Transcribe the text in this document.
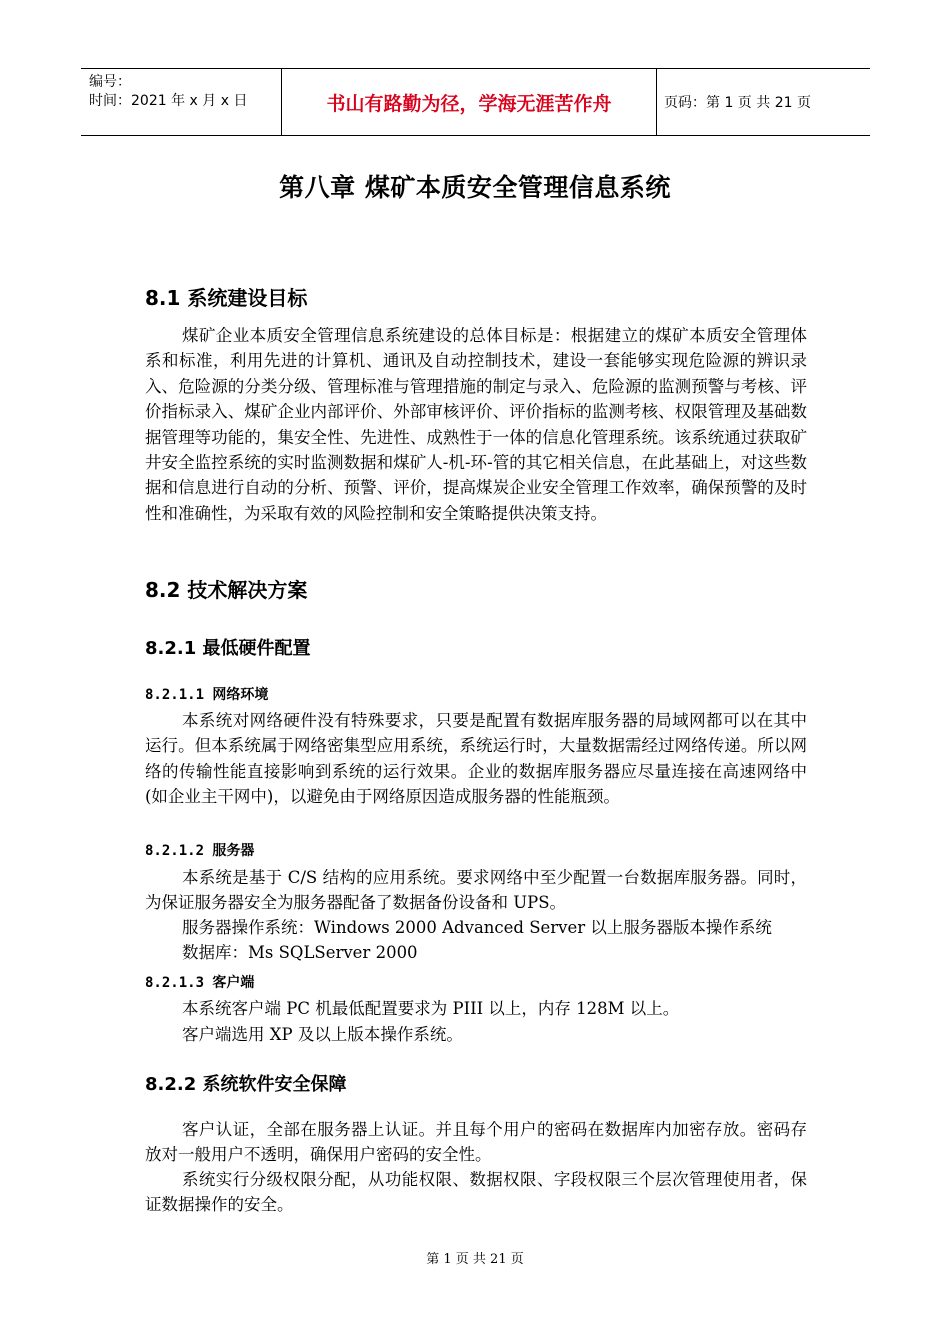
编号：
时间：2021 年 x 月 x 日	书山有路勤为径，学海无涯苦作舟	页码：第 1 页 共 21 页
第八章 煤矿本质安全管理信息系统
8.1 系统建设目标

煤矿企业本质安全管理信息系统建设的总体目标是：根据建立的煤矿本质安全管理体系和标准，利用先进的计算机、通讯及自动控制技术，建设一套能够实现危险源的辨识录入、危险源的分类分级、管理标准与管理措施的制定与录入、危险源的监测预警与考核、评价指标录入、煤矿企业内部评价、外部审核评价、评价指标的监测考核、权限管理及基础数据管理等功能的，集安全性、先进性、成熟性于一体的信息化管理系统。该系统通过获取矿井安全监控系统的实时监测数据和煤矿人-机-环-管的其它相关信息，在此基础上，对这些数据和信息进行自动的分析、预警、评价，提高煤炭企业安全管理工作效率，确保预警的及时性和准确性，为采取有效的风险控制和安全策略提供决策支持。

8.2 技术解决方案
8.2.1 最低硬件配置
8.2.1.1 网络环境

本系统对网络硬件没有特殊要求，只要是配置有数据库服务器的局域网都可以在其中运行。但本系统属于网络密集型应用系统，系统运行时，大量数据需经过网络传递。所以网络的传输性能直接影响到系统的运行效果。企业的数据库服务器应尽量连接在高速网络中(如企业主干网中)，以避免由于网络原因造成服务器的性能瓶颈。

8.2.1.2 服务器

本系统是基于 C/S 结构的应用系统。要求网络中至少配置一台数据库服务器。同时，为保证服务器安全为服务器配备了数据备份设备和 UPS。

服务器操作系统：Windows 2000 Advanced Server 以上服务器版本操作系统
数据库：Ms SQLServer 2000
8.2.1.3 客户端
本系统客户端 PC 机最低配置要求为 PIII 以上，内存 128M 以上。
客户端选用 XP 及以上版本操作系统。
8.2.2 系统软件安全保障

客户认证，全部在服务器上认证。并且每个用户的密码在数据库内加密存放。密码存放对一般用户不透明，确保用户密码的安全性。

系统实行分级权限分配，从功能权限、数据权限、字段权限三个层次管理使用者，保证数据操作的安全。

第 1 页 共 21 页
